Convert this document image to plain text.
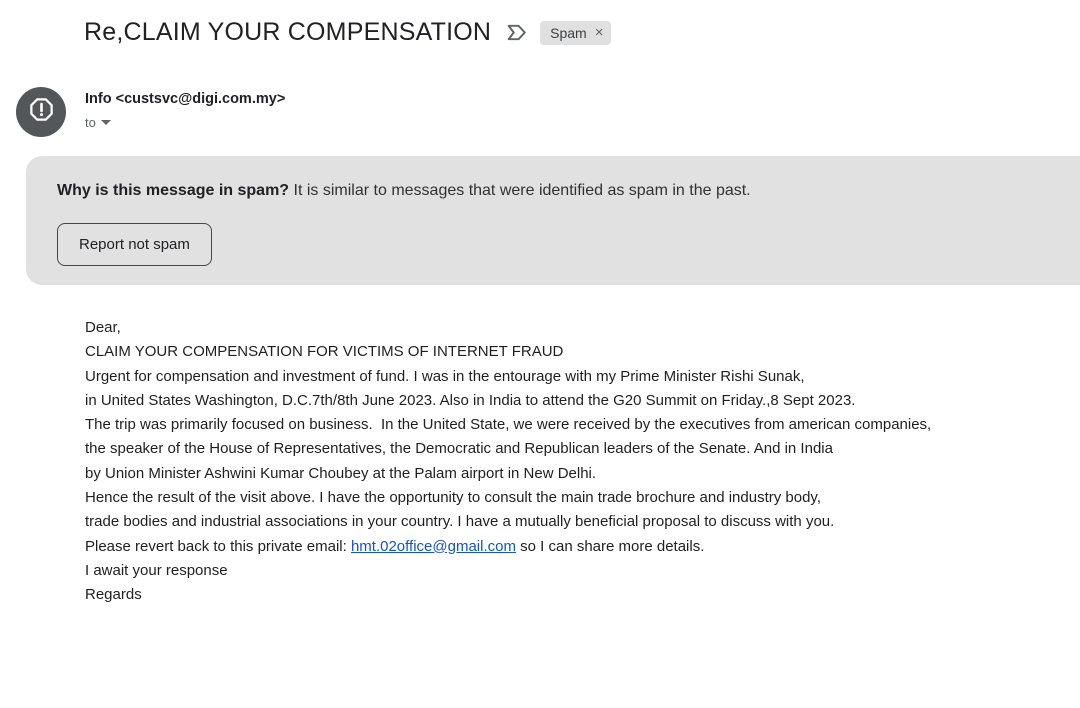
Re,CLAIM YOUR COMPENSATION	Spam ×
Info <custsvc@digi.com.my>
to
Why is this message in spam? It is similar to messages that were identified as spam in the past.
Report not spam
Dear,
CLAIM YOUR COMPENSATION FOR VICTIMS OF INTERNET FRAUD
Urgent for compensation and investment of fund. I was in the entourage with my Prime Minister Rishi Sunak,
in United States Washington, D.C.7th/8th June 2023. Also in India to attend the G20 Summit on Friday.,8 Sept 2023.
The trip was primarily focused on business.  In the United State, we were received by the executives from american companies,
the speaker of the House of Representatives, the Democratic and Republican leaders of the Senate. And in India
by Union Minister Ashwini Kumar Choubey at the Palam airport in New Delhi.
Hence the result of the visit above. I have the opportunity to consult the main trade brochure and industry body,
trade bodies and industrial associations in your country. I have a mutually beneficial proposal to discuss with you.
Please revert back to this private email: hmt.02office@gmail.com so I can share more details.
I await your response
Regards
